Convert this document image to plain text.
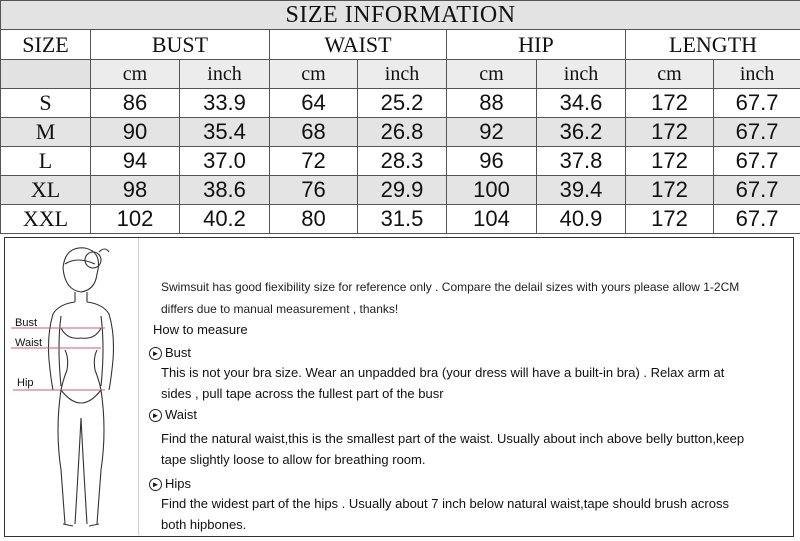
SIZE INFORMATION								
SIZE	BUST		WAIST		HIP		LENGTH	
	cm	inch	cm	inch	cm	inch	cm	inch
S	86	33.9	64	25.2	88	34.6	172	67.7
M	90	35.4	68	26.8	92	36.2	172	67.7
L	94	37.0	72	28.3	96	37.8	172	67.7
XL	98	38.6	76	29.9	100	39.4	172	67.7
XXL	102	40.2	80	31.5	104	40.9	172	67.7
Bust
Waist
Hip
Swimsuit has good fiexibility size for reference only . Compare the delail sizes with yours please allow 1-2CM
differs due to manual measurement , thanks!
How to measure
► Bust
This is not your bra size. Wear an unpadded bra (your dress will have a built-in bra) . Relax arm at
sides , pull tape across the fullest part of the busr
► Waist
Find the natural waist,this is the smallest part of the waist. Usually about inch above belly button,keep
tape slightly loose to allow for breathing room.
► Hips
Find the widest part of the hips . Usually about 7 inch below natural waist,tape should brush across
both hipbones.
